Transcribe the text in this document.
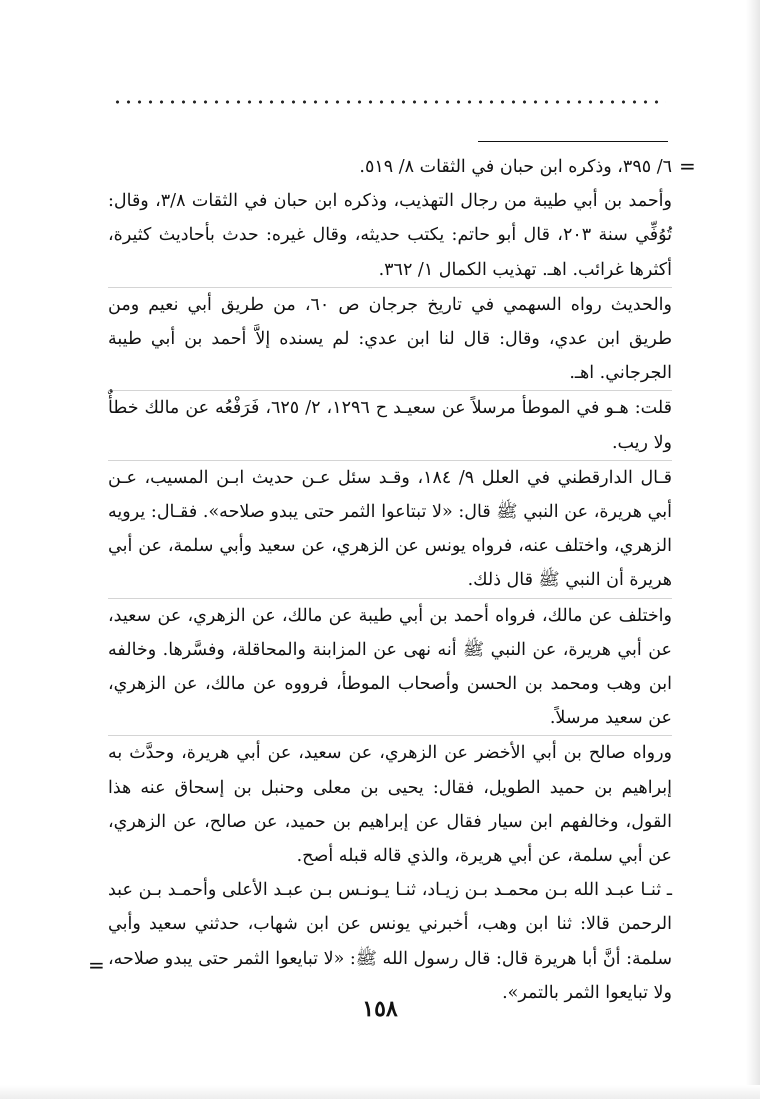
=

٦/ ٣٩٥، وذكره ابن حبان في الثقات ٨/ ٥١٩.

وأحمد بن أبي طيبة من رجال التهذيب، وذكره ابن حبان في الثقات ٣/٨، وقال: تُوُفِّي سنة ٢٠٣، قال أبو حاتم: يكتب حديثه، وقال غيره: حدث بأحاديث كثيرة، أكثرها غرائب. اهـ. تهذيب الكمال ١/ ٣٦٢.

والحديث رواه السهمي في تاريخ جرجان ص ٦٠، من طريق أبي نعيم ومن طريق ابن عدي، وقال: قال لنا ابن عدي: لم يسنده إلاَّ أحمد بن أبي طيبة الجرجاني. اهـ.

قلت: هـو في الموطأ مرسلاً عن سعيـد ح ١٢٩٦، ٢/ ٦٢٥، فَرَفْعُه عن مالك خطأٌ ولا ريب.

قـال الدارقطني في العلل ٩/ ١٨٤، وقـد سئل عـن حديث ابـن المسيب، عـن أبي هريرة، عن النبي ﷺ قال: «لا تبتاعوا الثمر حتى يبدو صلاحه». فقـال: يرويه الزهري، واختلف عنه، فرواه يونس عن الزهري، عن سعيد وأبي سلمة، عن أبي هريرة أن النبي ﷺ قال ذلك.

واختلف عن مالك، فرواه أحمد بن أبي طيبة عن مالك، عن الزهري، عن سعيد، عن أبي هريرة، عن النبي ﷺ أنه نهى عن المزابنة والمحاقلة، وفسَّرها. وخالفه ابن وهب ومحمد بن الحسن وأصحاب الموطأ، فرووه عن مالك، عن الزهري، عن سعيد مرسلاً.

ورواه صالح بن أبي الأخضر عن الزهري، عن سعيد، عن أبي هريرة، وحدَّث به إبراهيم بن حميد الطويل، فقال: يحيى بن معلى وحنبل بن إسحاق عنه هذا القول، وخالفهم ابن سيار فقال عن إبراهيم بن حميد، عن صالح، عن الزهري، عن أبي سلمة، عن أبي هريرة، والذي قاله قبله أصح.

ـ ثنـا عبـد الله بـن محمـد بـن زيـاد، ثنـا يـونـس بـن عبـد الأعلى وأحمـد بـن عبد الرحمن قالا: ثنا ابن وهب، أخبرني يونس عن ابن شهاب، حدثني سعيد وأبي سلمة: أنَّ أبا هريرة قال: قال رسول الله ﷺ: «لا تبايعوا الثمر حتى يبدو صلاحه، ولا تبايعوا الثمر بالتمر».

=
١٥٨
